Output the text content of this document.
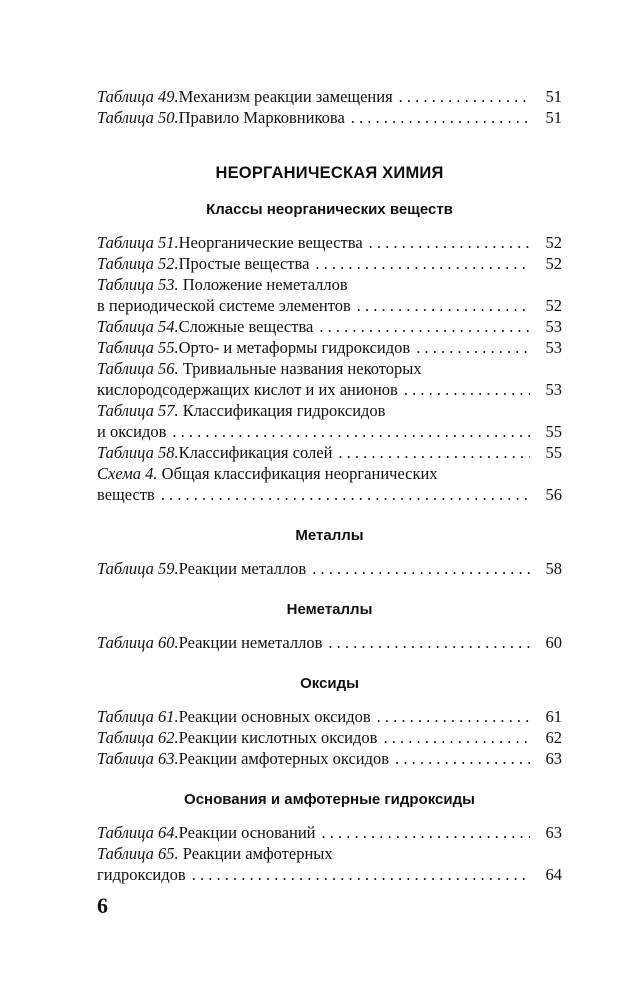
Таблица 49. Механизм реакции замещения . . .	51
Таблица 50. Правило Марковникова . . .	51
НЕОРГАНИЧЕСКАЯ ХИМИЯ
Классы неорганических веществ
Таблица 51. Неорганические вещества . . .	52
Таблица 52. Простые вещества . . .	52
Таблица 53. Положение неметаллов
в периодической системе элементов . . .	52
Таблица 54. Сложные вещества . . .	53
Таблица 55. Орто- и метаформы гидроксидов . . .	53
Таблица 56. Тривиальные названия некоторых
кислородсодержащих кислот и их анионов . . .	53
Таблица 57. Классификация гидроксидов
и оксидов . . .	55
Таблица 58. Классификация солей . . .	55
Схема 4. Общая классификация неорганических
веществ . . .	56
Металлы
Таблица 59. Реакции металлов . . .	58
Неметаллы
Таблица 60. Реакции неметаллов . . .	60
Оксиды
Таблица 61. Реакции основных оксидов . . .	61
Таблица 62. Реакции кислотных оксидов . . .	62
Таблица 63. Реакции амфотерных оксидов . . .	63
Основания и амфотерные гидроксиды
Таблица 64. Реакции оснований . . .	63
Таблица 65. Реакции амфотерных
гидроксидов . . .	64
6
